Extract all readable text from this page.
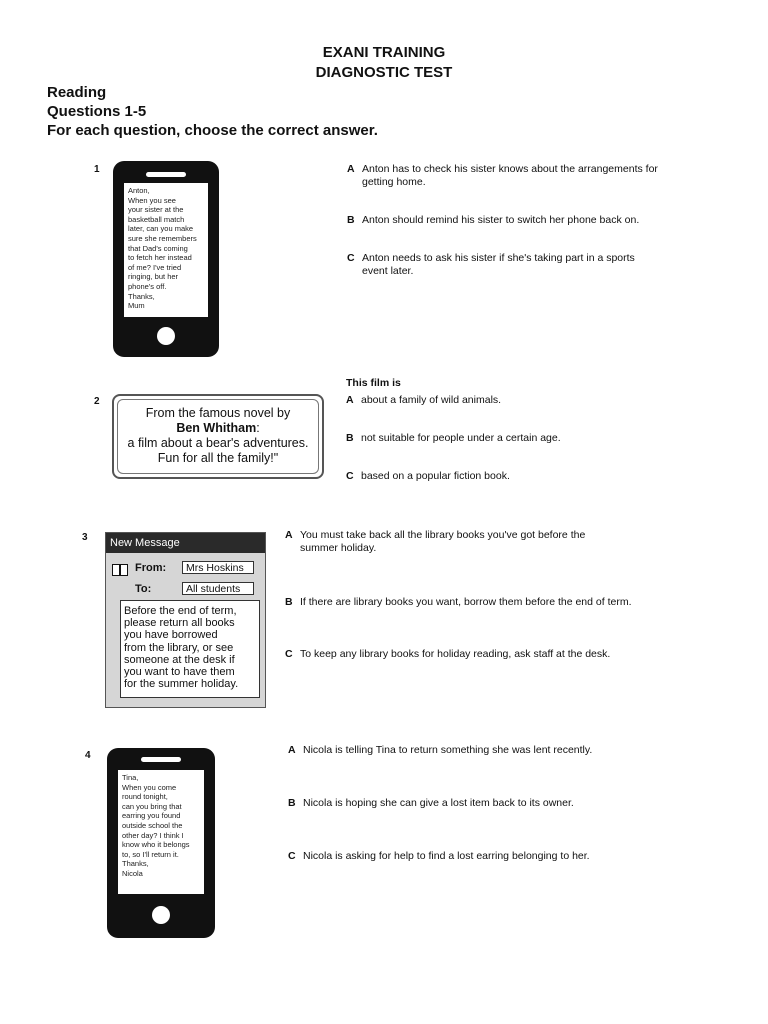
EXANI TRAINING
DIAGNOSTIC TEST
Reading
Questions 1-5
For each question, choose the correct answer.
1
Anton,
When you see
your sister at the
basketball match
later, can you make
sure she remembers
that Dad's coming
to fetch her instead
of me? I've tried
ringing, but her
phone's off.
Thanks,
Mum
A Anton has to check his sister knows about the arrangements for getting home.
B Anton should remind his sister to switch her phone back on.
C Anton needs to ask his sister if she's taking part in a sports event later.
2
From the famous novel by
Ben Whitham:
a film about a bear's adventures.
Fun for all the family!"
This film is
A about a family of wild animals.
B not suitable for people under a certain age.
C based on a popular fiction book.
3	New Message
From:	Mrs Hoskins
To:	All students
Before the end of term,
please return all books
you have borrowed
from the library, or see
someone at the desk if
you want to have them
for the summer holiday.
A You must take back all the library books you've got before the summer holiday.
B If there are library books you want, borrow them before the end of term.
C To keep any library books for holiday reading, ask staff at the desk.
4
Tina,
When you come
round tonight,
can you bring that
earring you found
outside school the
other day? I think I
know who it belongs
to, so I'll return it.
Thanks,
Nicola
A Nicola is telling Tina to return something she was lent recently.
B Nicola is hoping she can give a lost item back to its owner.
C Nicola is asking for help to find a lost earring belonging to her.
